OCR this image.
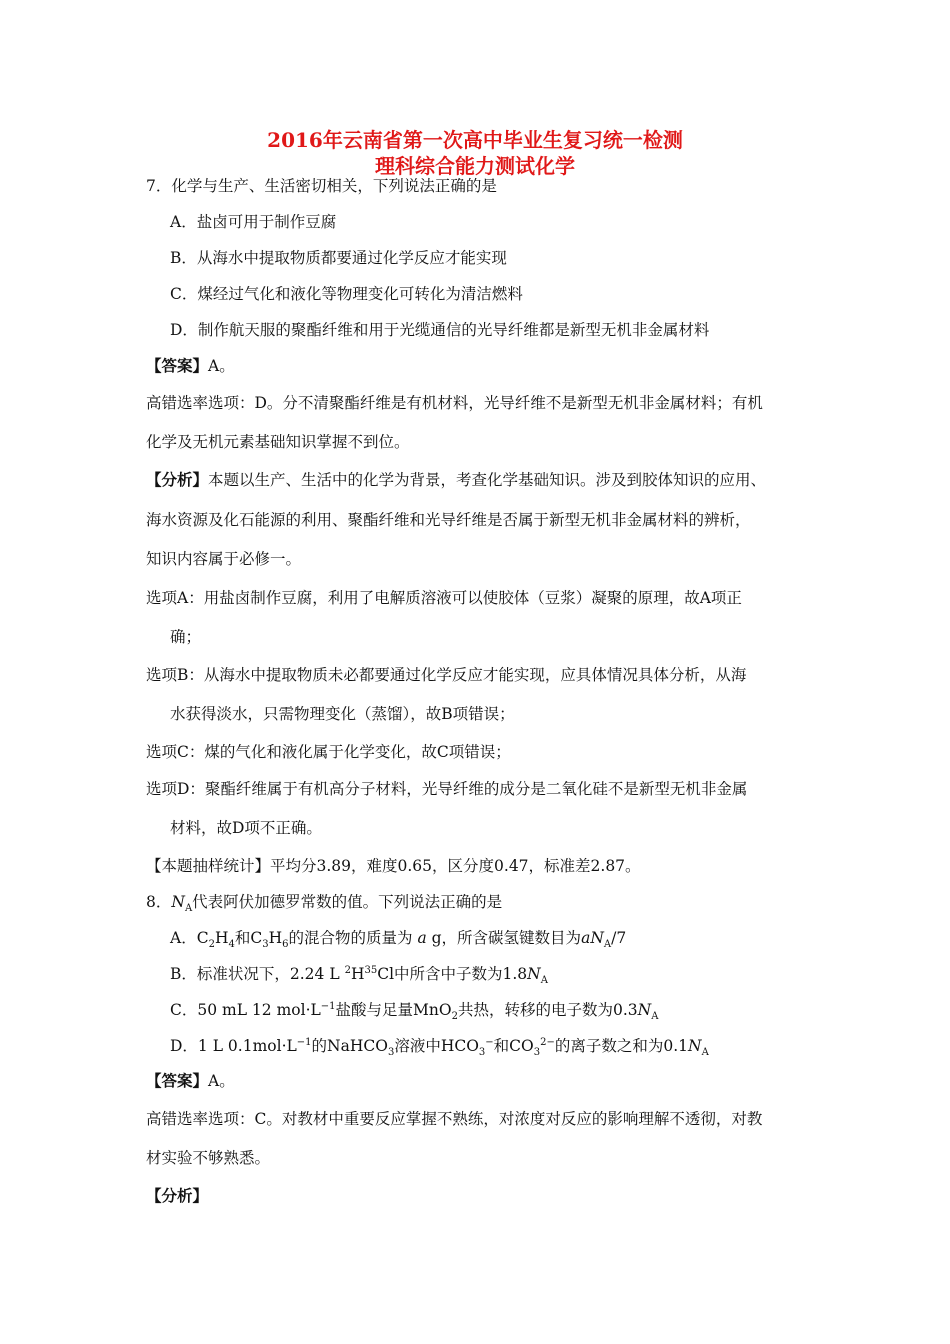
2016年云南省第一次高中毕业生复习统一检测
理科综合能力测试化学
7．化学与生产、生活密切相关，下列说法正确的是
A．盐卤可用于制作豆腐
B．从海水中提取物质都要通过化学反应才能实现
C．煤经过气化和液化等物理变化可转化为清洁燃料
D．制作航天服的聚酯纤维和用于光缆通信的光导纤维都是新型无机非金属材料
【答案】A。
高错选率选项：D。分不清聚酯纤维是有机材料，光导纤维不是新型无机非金属材料；有机
化学及无机元素基础知识掌握不到位。
【分析】本题以生产、生活中的化学为背景，考查化学基础知识。涉及到胶体知识的应用、
海水资源及化石能源的利用、聚酯纤维和光导纤维是否属于新型无机非金属材料的辨析，
知识内容属于必修一。
选项A：用盐卤制作豆腐，利用了电解质溶液可以使胶体（豆浆）凝聚的原理，故A项正
确；
选项B：从海水中提取物质未必都要通过化学反应才能实现，应具体情况具体分析，从海
水获得淡水，只需物理变化（蒸馏），故B项错误；
选项C：煤的气化和液化属于化学变化，故C项错误；
选项D：聚酯纤维属于有机高分子材料，光导纤维的成分是二氧化硅不是新型无机非金属
材料，故D项不正确。
【本题抽样统计】平均分3.89，难度0.65，区分度0.47，标准差2.87。
8．$N_A$代表阿伏加德罗常数的值。下列说法正确的是
A．$C_2H_4$和$C_3H_6$的混合物的质量为 a g，所含碳氢键数目为$aN_A/7$
B．标准状况下，2.24 L $^2H^{35}Cl$中所含中子数为$1.8N_A$
C．50 mL 12 $mol\cdot L^{-1}$盐酸与足量MnO$_2$共热，转移的电子数为$0.3N_A$
D．1 L $0.1mol\cdot L^{-1}$的NaHCO$_3$溶液中$HCO_3^-$和$CO_3^{2-}$的离子数之和为$0.1N_A$
【答案】A。
高错选率选项：C。对教材中重要反应掌握不熟练，对浓度对反应的影响理解不透彻，对教
材实验不够熟悉。
【分析】
